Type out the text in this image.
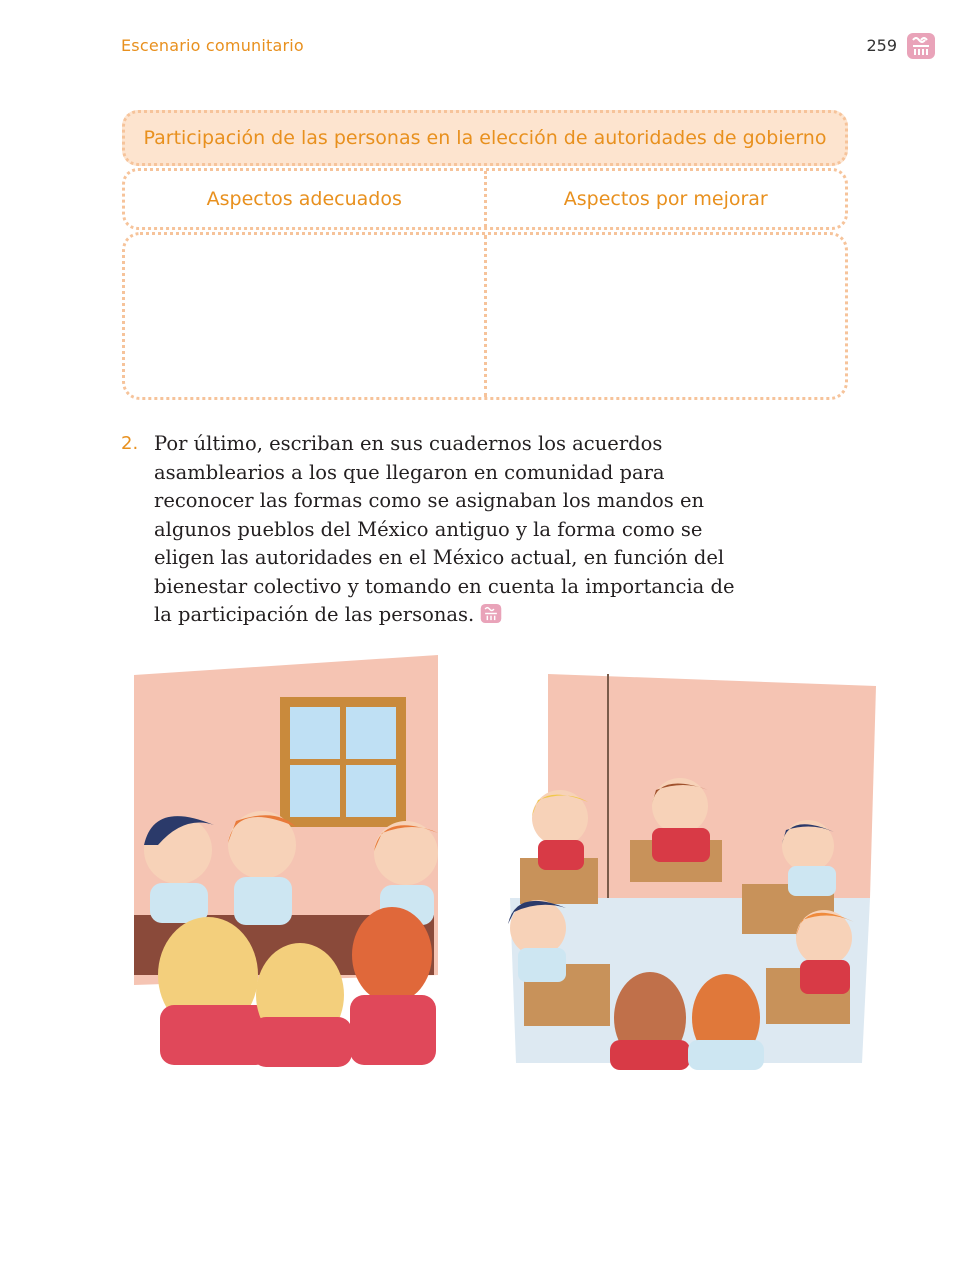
Escenario comunitario	259
Participación de las personas en la elección de autoridades de gobierno
Aspectos adecuados	Aspectos por mejorar
2. Por último, escriban en sus cuadernos los acuerdos asamblearios a los que llegaron en comunidad para reconocer las formas como se asignaban los mandos en algunos pueblos del México antiguo y la forma como se eligen las autoridades en el México actual, en función del bienestar colectivo y tomando en cuenta la importancia de la participación de las personas.
